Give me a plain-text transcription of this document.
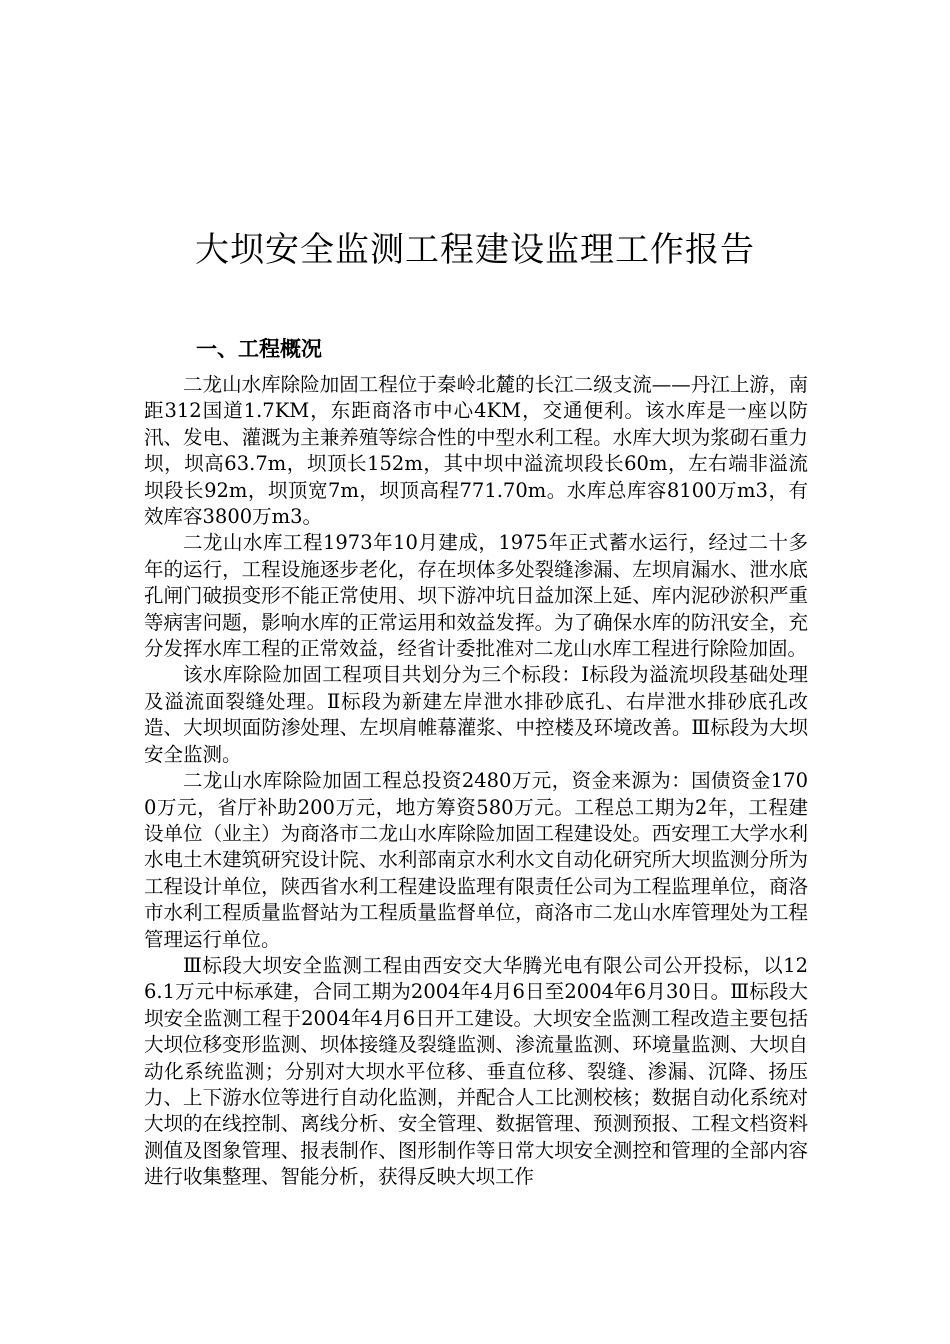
大坝安全监测工程建设监理工作报告
一、工程概况

二龙山水库除险加固工程位于秦岭北麓的长江二级支流——丹江上游，南距312国道1.7KM，东距商洛市中心4KM，交通便利。该水库是一座以防汛、发电、灌溉为主兼养殖等综合性的中型水利工程。水库大坝为浆砌石重力坝，坝高63.7m，坝顶长152m，其中坝中溢流坝段长60m，左右端非溢流坝段长92m，坝顶宽7m，坝顶高程771.70m。水库总库容8100万m3，有效库容3800万m3。

二龙山水库工程1973年10月建成，1975年正式蓄水运行，经过二十多年的运行，工程设施逐步老化，存在坝体多处裂缝渗漏、左坝肩漏水、泄水底孔闸门破损变形不能正常使用、坝下游冲坑日益加深上延、库内泥砂淤积严重等病害问题，影响水库的正常运用和效益发挥。为了确保水库的防汛安全，充分发挥水库工程的正常效益，经省计委批准对二龙山水库工程进行除险加固。

该水库除险加固工程项目共划分为三个标段：Ⅰ标段为溢流坝段基础处理及溢流面裂缝处理。Ⅱ标段为新建左岸泄水排砂底孔、右岸泄水排砂底孔改造、大坝坝面防渗处理、左坝肩帷幕灌浆、中控楼及环境改善。Ⅲ标段为大坝安全监测。

二龙山水库除险加固工程总投资2480万元，资金来源为：国债资金1700万元，省厅补助200万元，地方筹资580万元。工程总工期为2年，工程建设单位（业主）为商洛市二龙山水库除险加固工程建设处。西安理工大学水利水电土木建筑研究设计院、水利部南京水利水文自动化研究所大坝监测分所为工程设计单位，陕西省水利工程建设监理有限责任公司为工程监理单位，商洛市水利工程质量监督站为工程质量监督单位，商洛市二龙山水库管理处为工程管理运行单位。

Ⅲ标段大坝安全监测工程由西安交大华腾光电有限公司公开投标，以126.1万元中标承建，合同工期为2004年4月6日至2004年6月30日。Ⅲ标段大坝安全监测工程于2004年4月6日开工建设。大坝安全监测工程改造主要包括大坝位移变形监测、坝体接缝及裂缝监测、渗流量监测、环境量监测、大坝自动化系统监测；分别对大坝水平位移、垂直位移、裂缝、渗漏、沉降、扬压力、上下游水位等进行自动化监测，并配合人工比测校核；数据自动化系统对大坝的在线控制、离线分析、安全管理、数据管理、预测预报、工程文档资料测值及图象管理、报表制作、图形制作等日常大坝安全测控和管理的全部内容进行收集整理、智能分析，获得反映大坝工作
